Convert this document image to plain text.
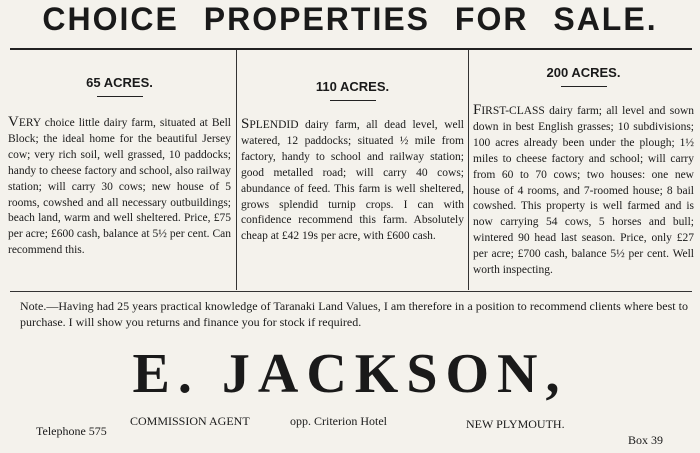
CHOICE PROPERTIES FOR SALE.
65 ACRES.

VERY choice little dairy farm, situated at Bell Block; the ideal home for the beautiful Jersey cow; very rich soil, well grassed, 10 paddocks; handy to cheese factory and school, also railway station; will carry 30 cows; new house of 5 rooms, cowshed and all necessary outbuildings; beach land, warm and well sheltered. Price, £75 per acre; £600 cash, balance at 5½ per cent. Can recommend this.

110 ACRES.

SPLENDID dairy farm, all dead level, well watered, 12 paddocks; situated ½ mile from factory, handy to school and railway station; good metalled road; will carry 40 cows; abundance of feed. This farm is well sheltered, grows splendid turnip crops. I can with confidence recommend this farm. Absolutely cheap at £42 19s per acre, with £600 cash.

200 ACRES.

FIRST-CLASS dairy farm; all level and sown down in best English grasses; 10 subdivisions; 100 acres already been under the plough; 1½ miles to cheese factory and school; will carry from 60 to 70 cows; two houses: one new house of 4 rooms, and 7-roomed house; 8 bail cowshed. This property is well farmed and is now carrying 54 cows, 5 horses and bull; wintered 90 head last season. Price, only £27 per acre; £700 cash, balance 5½ per cent. Well worth inspecting.

Note.—Having had 25 years practical knowledge of Taranaki Land Values, I am therefore in a position to recommend clients where best to purchase. I will show you returns and finance you for stock if required.
E. JACKSON,
COMMISSION AGENT	opp. Criterion Hotel	NEW PLYMOUTH.
Telephone 575
Box 39
